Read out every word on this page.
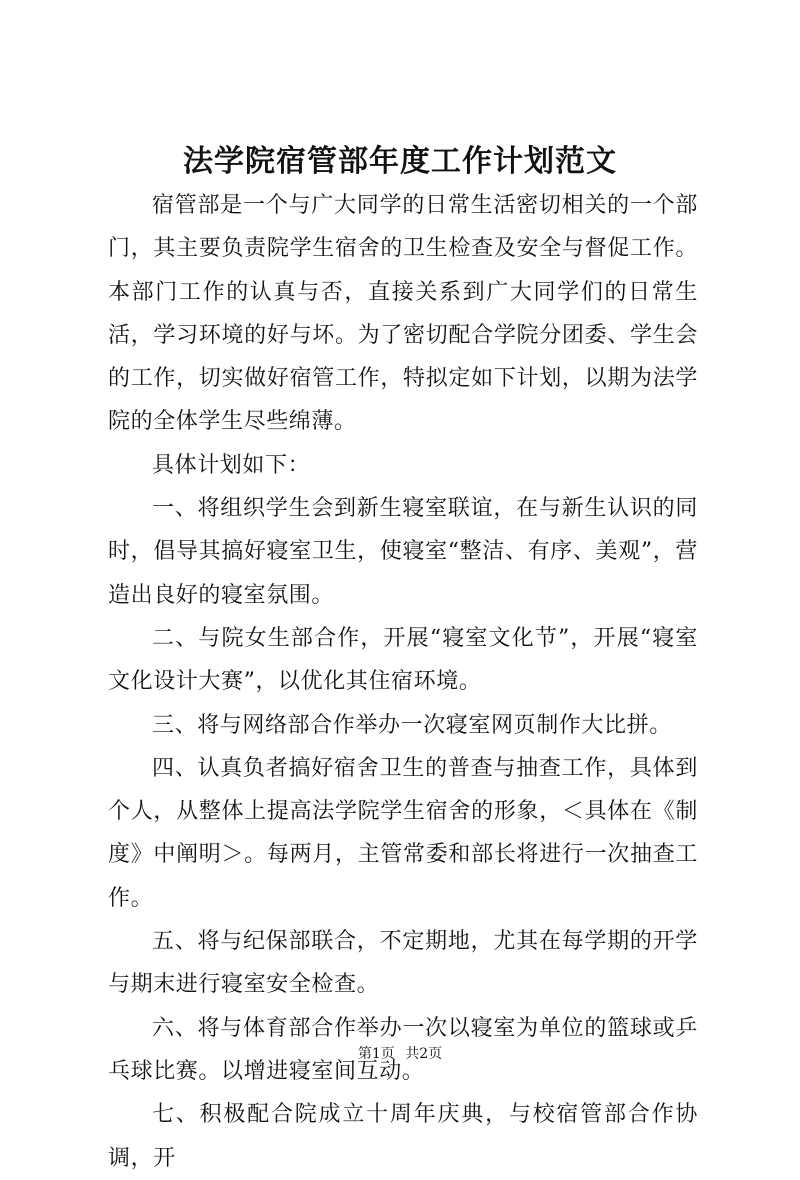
法学院宿管部年度工作计划范文

宿管部是一个与广大同学的日常生活密切相关的一个部门，其主要负责院学生宿舍的卫生检查及安全与督促工作。本部门工作的认真与否，直接关系到广大同学们的日常生活，学习环境的好与坏。为了密切配合学院分团委、学生会的工作，切实做好宿管工作，特拟定如下计划，以期为法学院的全体学生尽些绵薄。

具体计划如下：

一、将组织学生会到新生寝室联谊，在与新生认识的同时，倡导其搞好寝室卫生，使寝室“整洁、有序、美观”，营造出良好的寝室氛围。

二、与院女生部合作，开展“寝室文化节”，开展“寝室文化设计大赛”，以优化其住宿环境。

三、将与网络部合作举办一次寝室网页制作大比拼。

四、认真负者搞好宿舍卫生的普查与抽查工作，具体到个人，从整体上提高法学院学生宿舍的形象，＜具体在《制度》中阐明＞。每两月，主管常委和部长将进行一次抽查工作。

五、将与纪保部联合，不定期地，尤其在每学期的开学与期末进行寝室安全检查。

六、将与体育部合作举办一次以寝室为单位的篮球或乒乓球比赛。以增进寝室间互动。

七、积极配合院成立十周年庆典，与校宿管部合作协调，开

第1页 共2页
